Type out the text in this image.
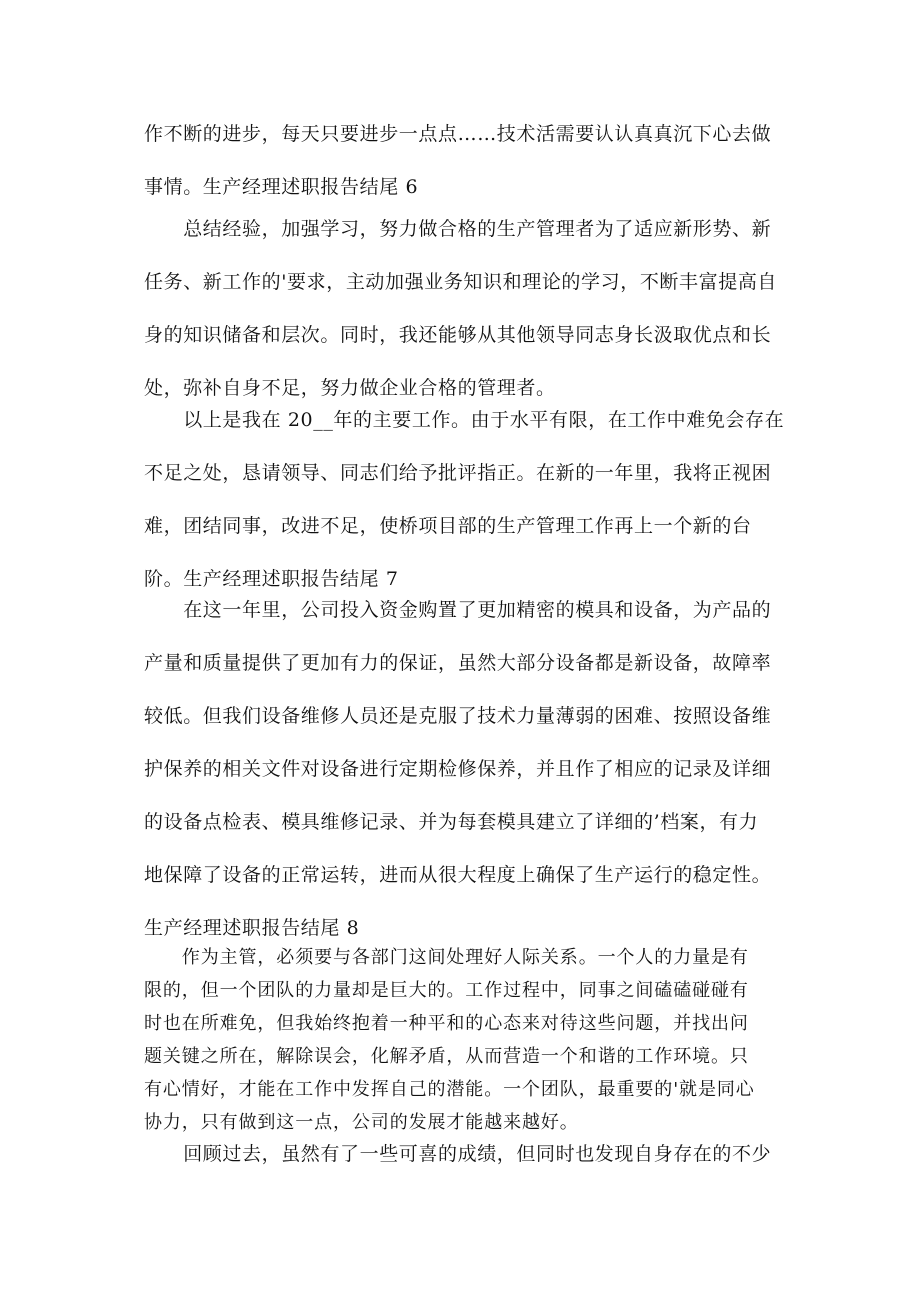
作不断的进步，每天只要进步一点点……技术活需要认认真真沉下心去做
事情。生产经理述职报告结尾 6
　　总结经验，加强学习，努力做合格的生产管理者为了适应新形势、新
任务、新工作的'要求，主动加强业务知识和理论的学习，不断丰富提高自
身的知识储备和层次。同时，我还能够从其他领导同志身长汲取优点和长
处，弥补自身不足，努力做企业合格的管理者。
　　以上是我在 20__年的主要工作。由于水平有限，在工作中难免会存在
不足之处，恳请领导、同志们给予批评指正。在新的一年里，我将正视困
难，团结同事，改进不足，使桥项目部的生产管理工作再上一个新的台
阶。生产经理述职报告结尾 7
　　在这一年里，公司投入资金购置了更加精密的模具和设备，为产品的
产量和质量提供了更加有力的保证，虽然大部分设备都是新设备，故障率
较低。但我们设备维修人员还是克服了技术力量薄弱的困难、按照设备维
护保养的相关文件对设备进行定期检修保养，并且作了相应的记录及详细
的设备点检表、模具维修记录、并为每套模具建立了详细的’档案，有力
地保障了设备的正常运转，进而从很大程度上确保了生产运行的稳定性。
生产经理述职报告结尾 8
　　作为主管，必须要与各部门这间处理好人际关系。一个人的力量是有
限的，但一个团队的力量却是巨大的。工作过程中，同事之间磕磕碰碰有
时也在所难免，但我始终抱着一种平和的心态来对待这些问题，并找出问
题关键之所在，解除误会，化解矛盾，从而营造一个和谐的工作环境。只
有心情好，才能在工作中发挥自己的潜能。一个团队，最重要的'就是同心
协力，只有做到这一点，公司的发展才能越来越好。
　　回顾过去，虽然有了一些可喜的成绩，但同时也发现自身存在的不少
